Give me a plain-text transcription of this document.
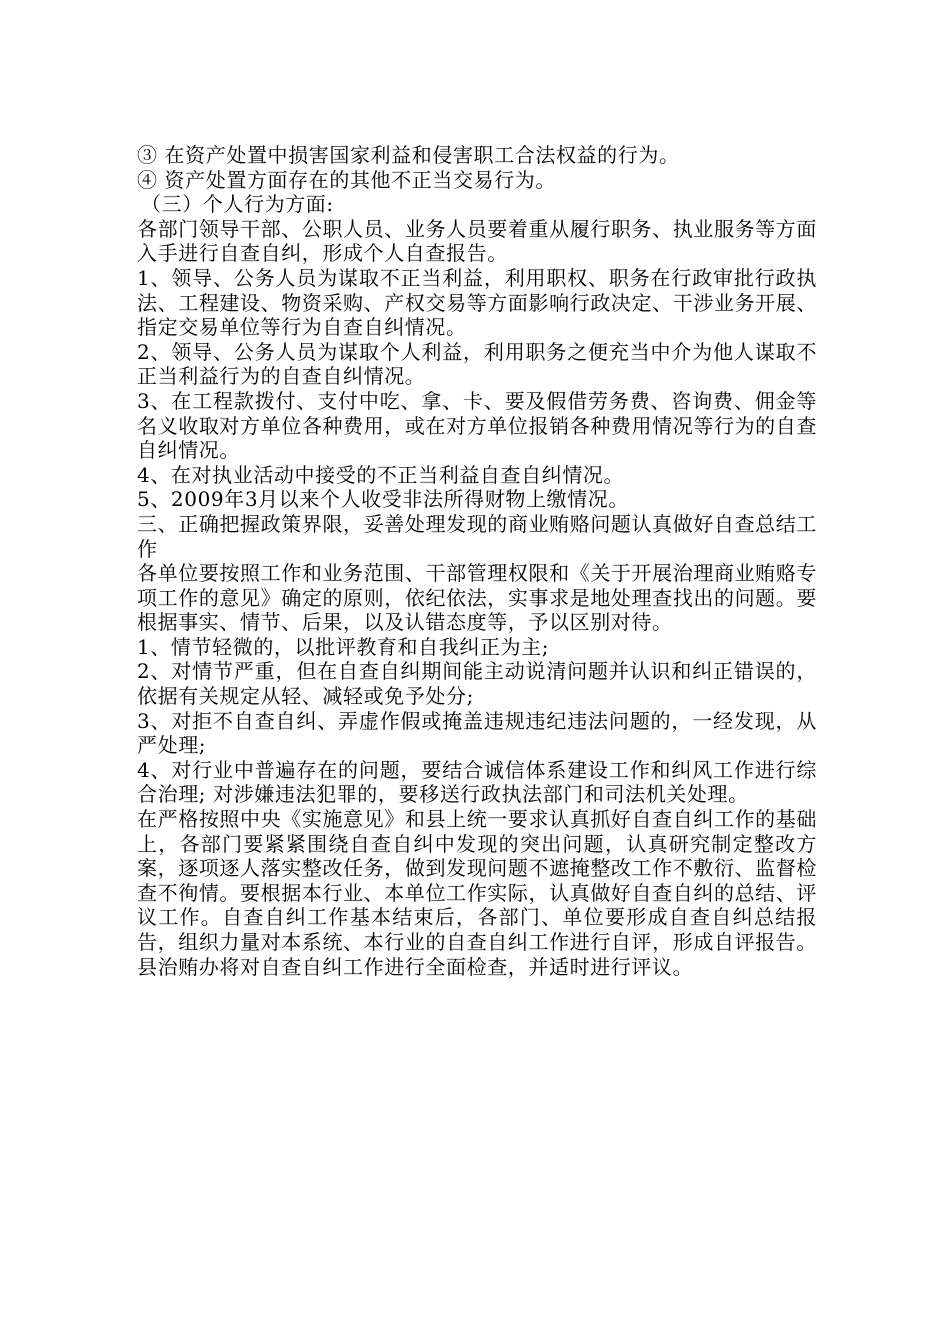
③ 在资产处置中损害国家利益和侵害职工合法权益的行为。

④ 资产处置方面存在的其他不正当交易行为。

（三）个人行为方面:

各部门领导干部、公职人员、业务人员要着重从履行职务、执业服务等方面入手进行自查自纠，形成个人自查报告。

1、领导、公务人员为谋取不正当利益，利用职权、职务在行政审批行政执法、工程建设、物资采购、产权交易等方面影响行政决定、干涉业务开展、指定交易单位等行为自查自纠情况。

2、领导、公务人员为谋取个人利益，利用职务之便充当中介为他人谋取不正当利益行为的自查自纠情况。

3、在工程款拨付、支付中吃、拿、卡、要及假借劳务费、咨询费、佣金等名义收取对方单位各种费用，或在对方单位报销各种费用情况等行为的自查自纠情况。

4、在对执业活动中接受的不正当利益自查自纠情况。

5、2009年3月以来个人收受非法所得财物上缴情况。

三、正确把握政策界限，妥善处理发现的商业贿赂问题认真做好自查总结工作

各单位要按照工作和业务范围、干部管理权限和《关于开展治理商业贿赂专项工作的意见》确定的原则，依纪依法，实事求是地处理查找出的问题。要根据事实、情节、后果，以及认错态度等，予以区别对待。

1、情节轻微的，以批评教育和自我纠正为主;

2、对情节严重，但在自查自纠期间能主动说清问题并认识和纠正错误的，依据有关规定从轻、减轻或免予处分;

3、对拒不自查自纠、弄虚作假或掩盖违规违纪违法问题的，一经发现，从严处理;

4、对行业中普遍存在的问题，要结合诚信体系建设工作和纠风工作进行综合治理; 对涉嫌违法犯罪的，要移送行政执法部门和司法机关处理。

在严格按照中央《实施意见》和县上统一要求认真抓好自查自纠工作的基础上，各部门要紧紧围绕自查自纠中发现的突出问题，认真研究制定整改方案，逐项逐人落实整改任务，做到发现问题不遮掩整改工作不敷衍、监督检查不徇情。要根据本行业、本单位工作实际，认真做好自查自纠的总结、评议工作。自查自纠工作基本结束后，各部门、单位要形成自查自纠总结报告，组织力量对本系统、本行业的自查自纠工作进行自评，形成自评报告。县治贿办将对自查自纠工作进行全面检查，并适时进行评议。
